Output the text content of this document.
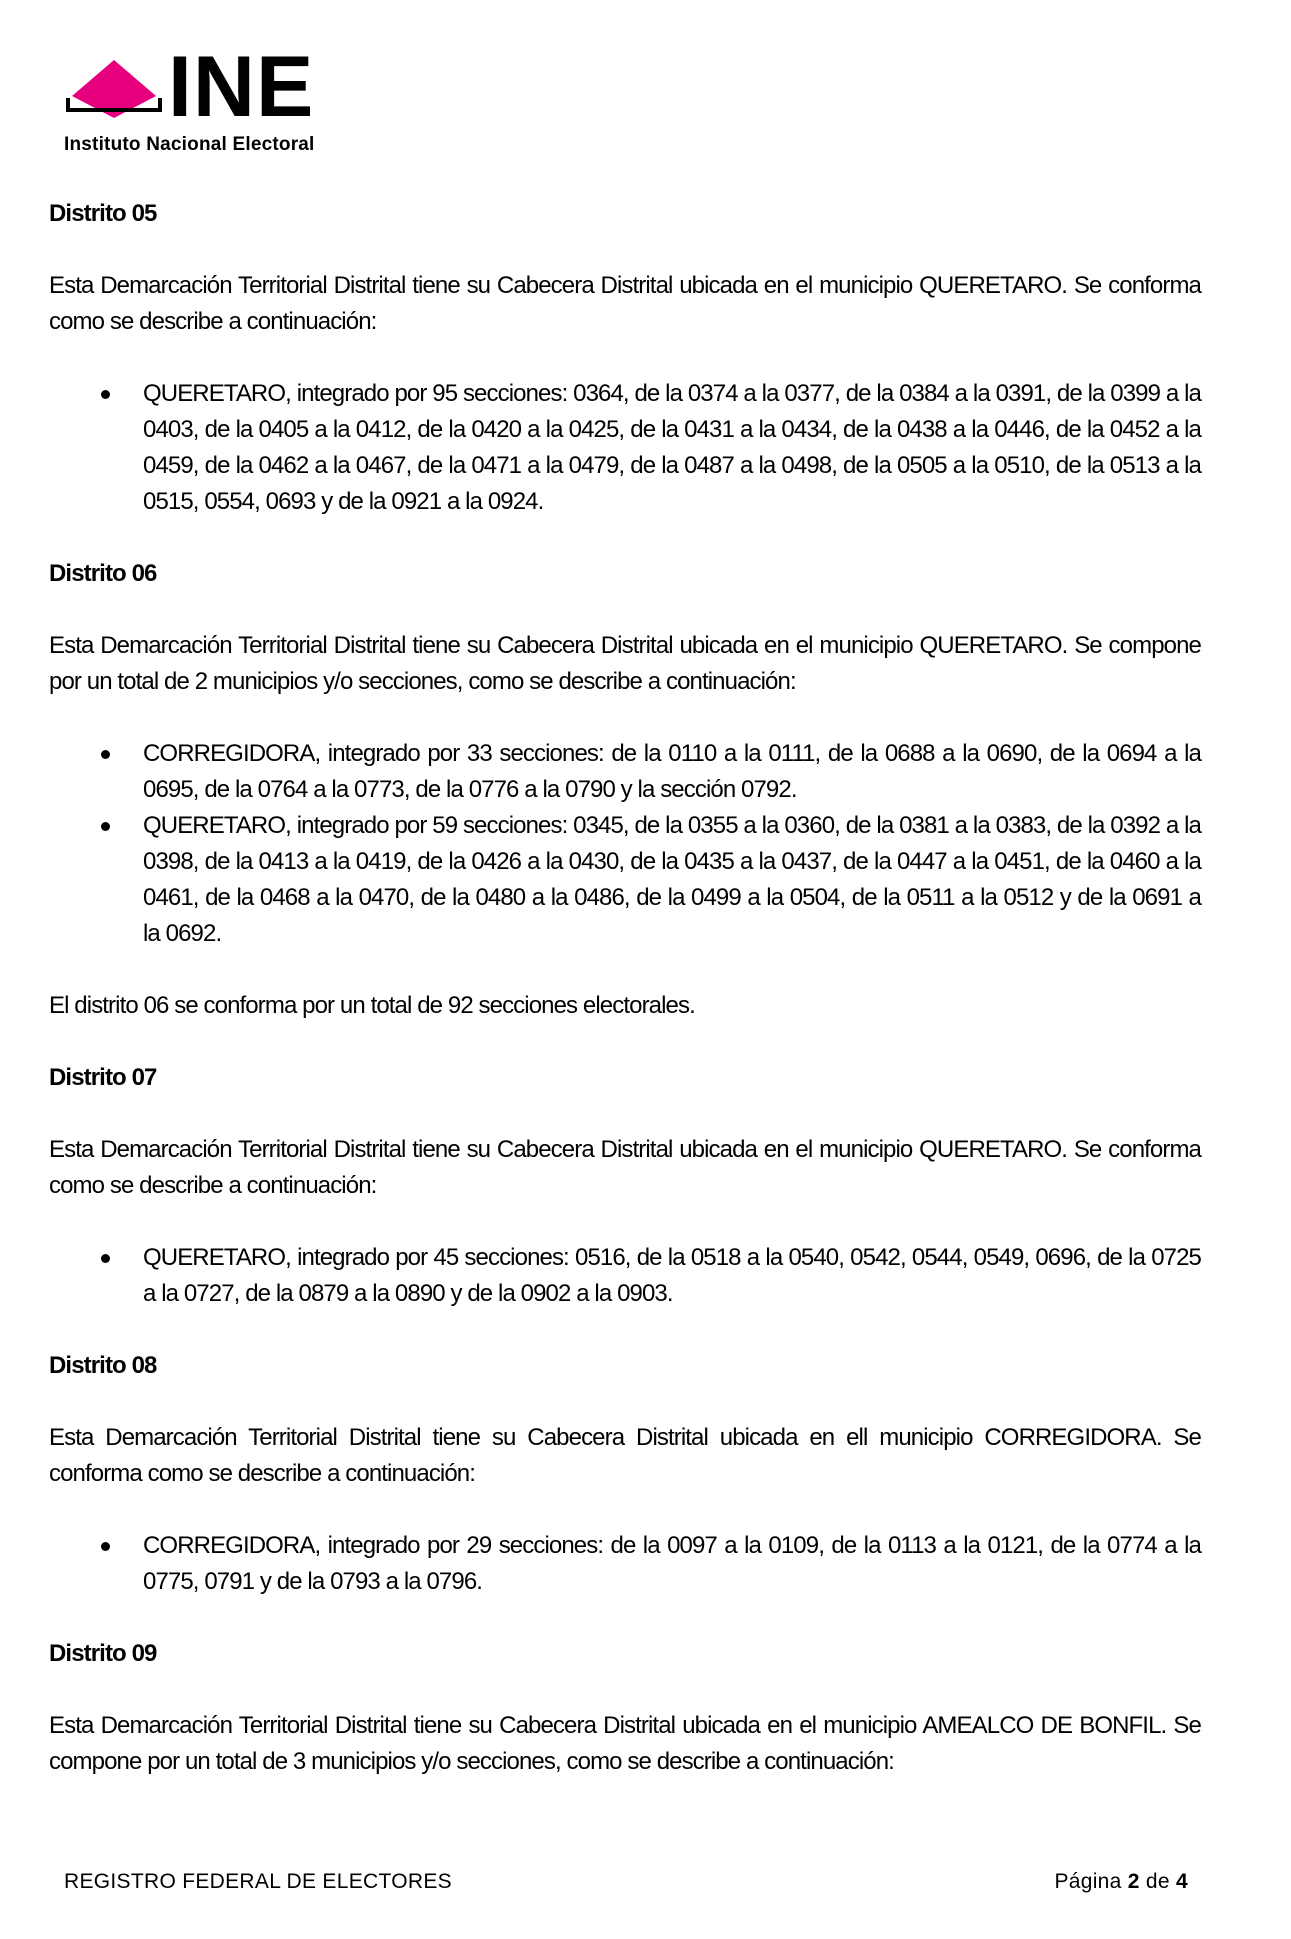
INE
Instituto Nacional Electoral
Distrito 05
Esta Demarcación Territorial Distrital tiene su Cabecera Distrital ubicada en el municipio QUERETARO. Se conforma como se describe a continuación:
QUERETARO, integrado por 95 secciones: 0364, de la 0374 a la 0377, de la 0384 a la 0391, de la 0399 a la 0403, de la 0405 a la 0412, de la 0420 a la 0425, de la 0431 a la 0434, de la 0438 a la 0446, de la 0452 a la 0459, de la 0462 a la 0467, de la 0471 a la 0479, de la 0487 a la 0498, de la 0505 a la 0510, de la 0513 a la 0515, 0554, 0693 y de la 0921 a la 0924.
Distrito 06
Esta Demarcación Territorial Distrital tiene su Cabecera Distrital ubicada en el municipio QUERETARO. Se compone por un total de 2 municipios y/o secciones, como se describe a continuación:
CORREGIDORA, integrado por 33 secciones: de la 0110 a la 0111, de la 0688 a la 0690, de la 0694 a la 0695, de la 0764 a la 0773, de la 0776 a la 0790 y la sección 0792.
QUERETARO, integrado por 59 secciones: 0345, de la 0355 a la 0360, de la 0381 a la 0383, de la 0392 a la 0398, de la 0413 a la 0419, de la 0426 a la 0430, de la 0435 a la 0437, de la 0447 a la 0451, de la 0460 a la 0461, de la 0468 a la 0470, de la 0480 a la 0486, de la 0499 a la 0504, de la 0511 a la 0512 y de la 0691 a la 0692.
El distrito 06 se conforma por un total de 92 secciones electorales.
Distrito 07
Esta Demarcación Territorial Distrital tiene su Cabecera Distrital ubicada en el municipio QUERETARO. Se conforma como se describe a continuación:
QUERETARO, integrado por 45 secciones: 0516, de la 0518 a la 0540, 0542, 0544, 0549, 0696, de la 0725 a la 0727, de la 0879 a la 0890 y de la 0902 a la 0903.
Distrito 08
Esta Demarcación Territorial Distrital tiene su Cabecera Distrital ubicada en ell municipio CORREGIDORA. Se conforma como se describe a continuación:
CORREGIDORA, integrado por 29 secciones: de la 0097 a la 0109, de la 0113 a la 0121, de la 0774 a la 0775, 0791 y de la 0793 a la 0796.
Distrito 09
Esta Demarcación Territorial Distrital tiene su Cabecera Distrital ubicada en el municipio AMEALCO DE BONFIL. Se compone por un total de 3 municipios y/o secciones, como se describe a continuación:
REGISTRO FEDERAL DE ELECTORES	Página 2 de 4
